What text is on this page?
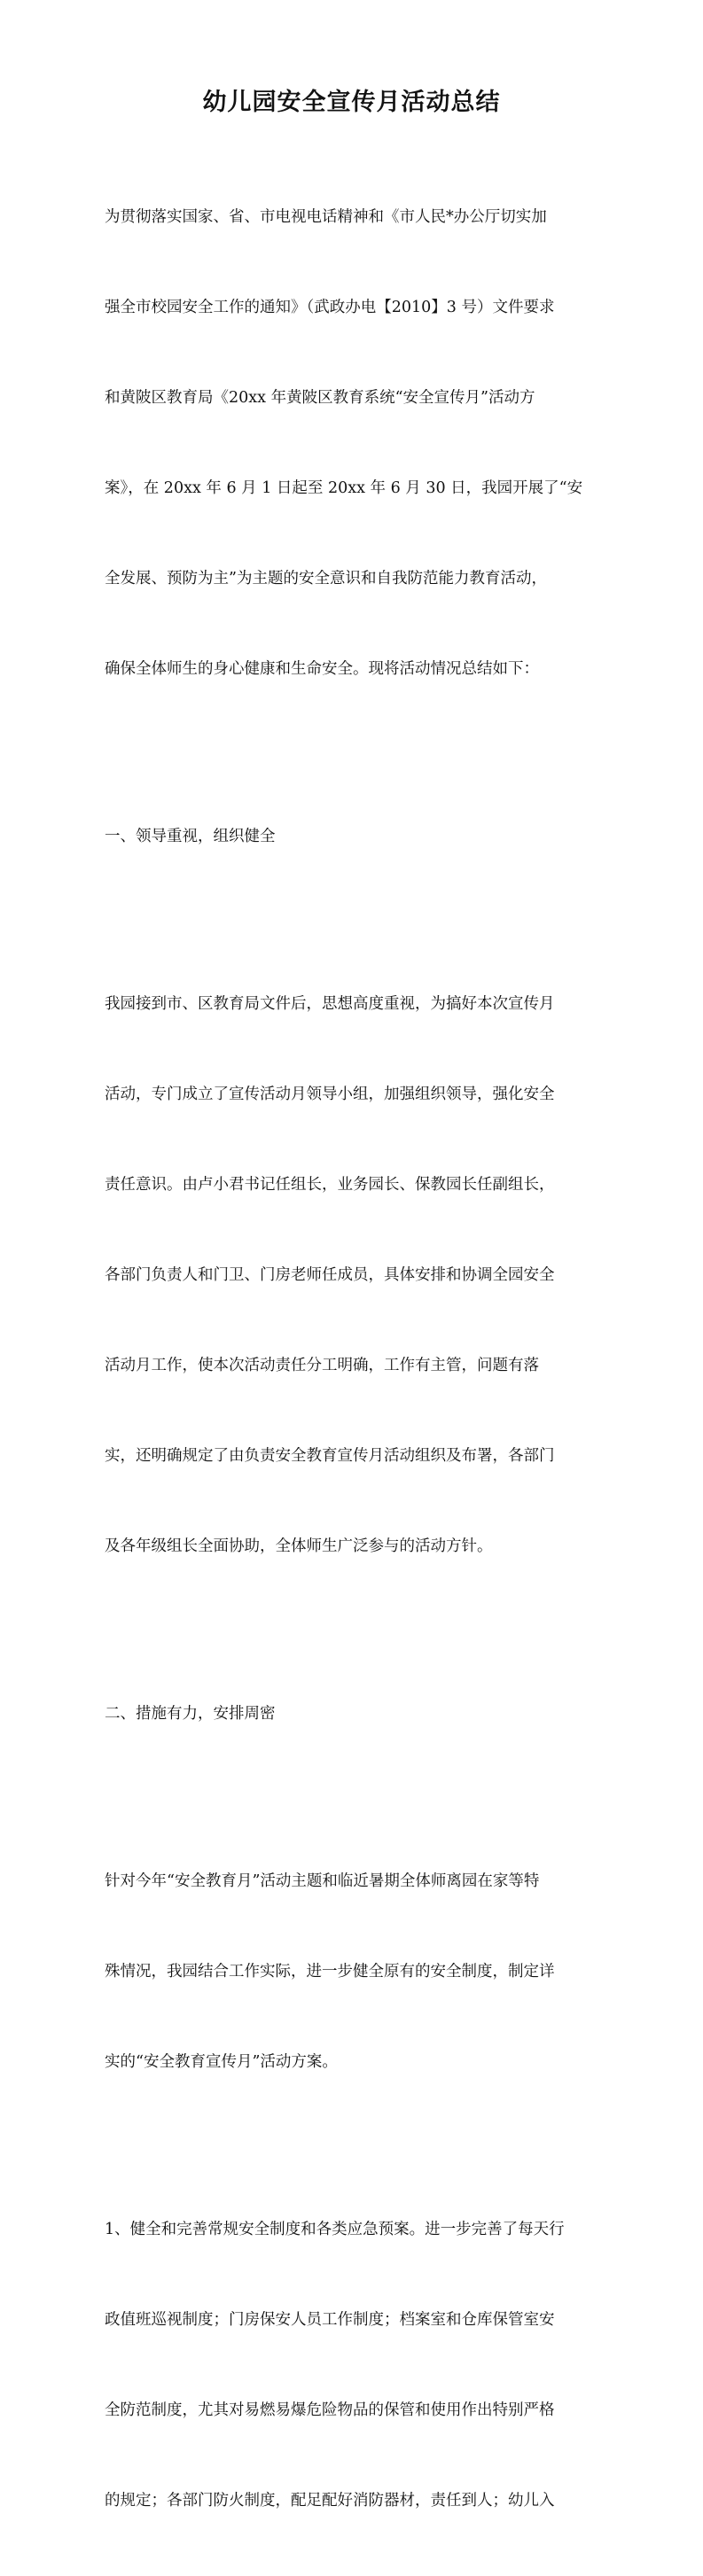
幼儿园安全宣传月活动总结

为贯彻落实国家、省、市电视电话精神和《市人民*办公厅切实加

强全市校园安全工作的通知》（武政办电【2010】3 号）文件要求

和黄陂区教育局《20xx 年黄陂区教育系统“安全宣传月”活动方

案》，在 20xx 年 6 月 1 日起至 20xx 年 6 月 30 日，我园开展了“安

全发展、预防为主”为主题的安全意识和自我防范能力教育活动，

确保全体师生的身心健康和生命安全。现将活动情况总结如下：

一、领导重视，组织健全

我园接到市、区教育局文件后，思想高度重视，为搞好本次宣传月

活动，专门成立了宣传活动月领导小组，加强组织领导，强化安全

责任意识。由卢小君书记任组长，业务园长、保教园长任副组长，

各部门负责人和门卫、门房老师任成员，具体安排和协调全园安全

活动月工作，使本次活动责任分工明确，工作有主管，问题有落

实，还明确规定了由负责安全教育宣传月活动组织及布署，各部门

及各年级组长全面协助，全体师生广泛参与的活动方针。

二、措施有力，安排周密

针对今年“安全教育月”活动主题和临近暑期全体师离园在家等特

殊情况，我园结合工作实际，进一步健全原有的安全制度，制定详

实的“安全教育宣传月”活动方案。

1、健全和完善常规安全制度和各类应急预案。进一步完善了每天行

政值班巡视制度；门房保安人员工作制度；档案室和仓库保管室安

全防范制度，尤其对易燃易爆危险物品的保管和使用作出特别严格

的规定；各部门防火制度，配足配好消防器材，责任到人；幼儿入
